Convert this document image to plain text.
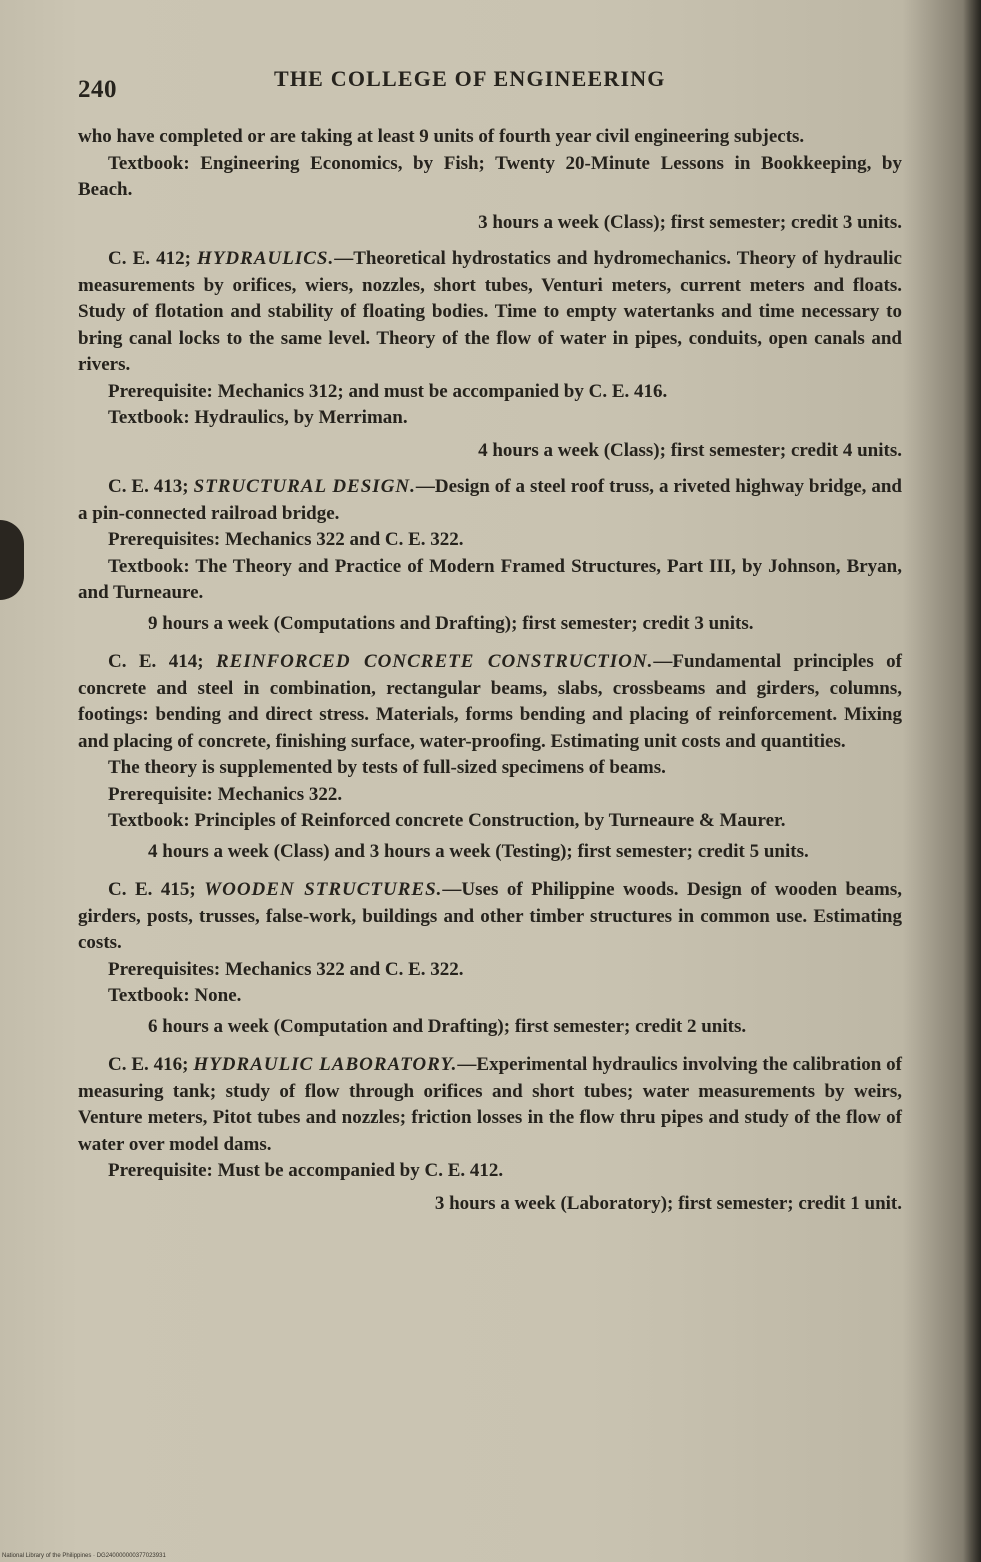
240	THE COLLEGE OF ENGINEERING

who have completed or are taking at least 9 units of fourth year civil engineering subjects.

Textbook: Engineering Economics, by Fish; Twenty 20-Minute Lessons in Bookkeeping, by Beach.

3 hours a week (Class); first semester; credit 3 units.

C. E. 412; HYDRAULICS.—Theoretical hydrostatics and hydromechanics. Theory of hydraulic measurements by orifices, wiers, nozzles, short tubes, Venturi meters, current meters and floats. Study of flotation and stability of floating bodies. Time to empty watertanks and time necessary to bring canal locks to the same level. Theory of the flow of water in pipes, conduits, open canals and rivers.

Prerequisite: Mechanics 312; and must be accompanied by C. E. 416.

Textbook: Hydraulics, by Merriman.

4 hours a week (Class); first semester; credit 4 units.

C. E. 413; STRUCTURAL DESIGN.—Design of a steel roof truss, a riveted highway bridge, and a pin-connected railroad bridge.

Prerequisites: Mechanics 322 and C. E. 322.

Textbook: The Theory and Practice of Modern Framed Structures, Part III, by Johnson, Bryan, and Turneaure.

9 hours a week (Computations and Drafting); first semester; credit 3 units.

C. E. 414; REINFORCED CONCRETE CONSTRUCTION.—Fundamental principles of concrete and steel in combination, rectangular beams, slabs, crossbeams and girders, columns, footings: bending and direct stress. Materials, forms bending and placing of reinforcement. Mixing and placing of concrete, finishing surface, water-proofing. Estimating unit costs and quantities.

The theory is supplemented by tests of full-sized specimens of beams.

Prerequisite: Mechanics 322.

Textbook: Principles of Reinforced concrete Construction, by Turneaure & Maurer.

4 hours a week (Class) and 3 hours a week (Testing); first semester; credit 5 units.

C. E. 415; WOODEN STRUCTURES.—Uses of Philippine woods. Design of wooden beams, girders, posts, trusses, false-work, buildings and other timber structures in common use. Estimating costs.

Prerequisites: Mechanics 322 and C. E. 322.

Textbook: None.

6 hours a week (Computation and Drafting); first semester; credit 2 units.

C. E. 416; HYDRAULIC LABORATORY.—Experimental hydraulics involving the calibration of measuring tank; study of flow through orifices and short tubes; water measurements by weirs, Venture meters, Pitot tubes and nozzles; friction losses in the flow thru pipes and study of the flow of water over model dams.

Prerequisite: Must be accompanied by C. E. 412.

3 hours a week (Laboratory); first semester; credit 1 unit.

National Library of the Philippines · DG240000000377023931
